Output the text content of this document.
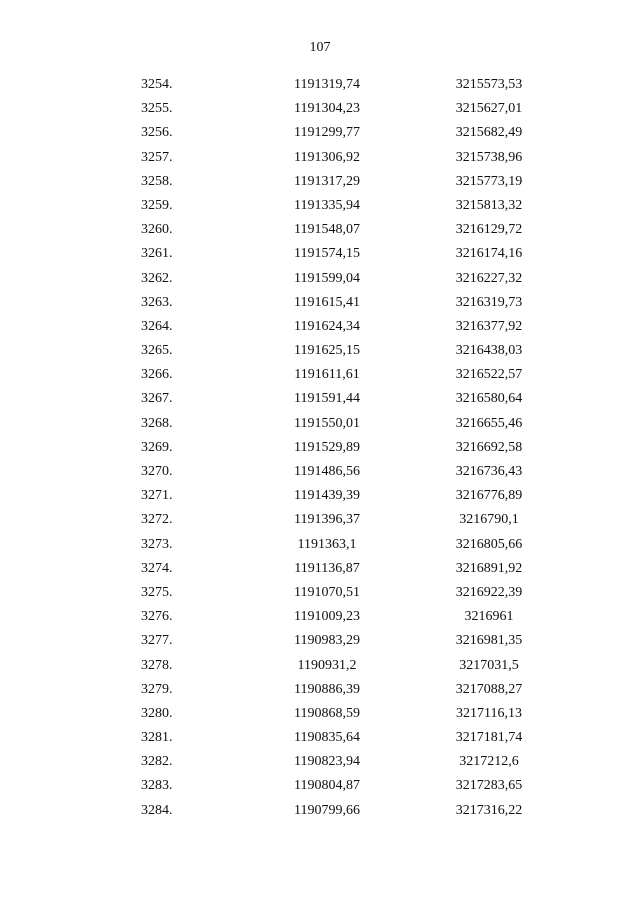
107
3254.	1191319,74	3215573,53
3255.	1191304,23	3215627,01
3256.	1191299,77	3215682,49
3257.	1191306,92	3215738,96
3258.	1191317,29	3215773,19
3259.	1191335,94	3215813,32
3260.	1191548,07	3216129,72
3261.	1191574,15	3216174,16
3262.	1191599,04	3216227,32
3263.	1191615,41	3216319,73
3264.	1191624,34	3216377,92
3265.	1191625,15	3216438,03
3266.	1191611,61	3216522,57
3267.	1191591,44	3216580,64
3268.	1191550,01	3216655,46
3269.	1191529,89	3216692,58
3270.	1191486,56	3216736,43
3271.	1191439,39	3216776,89
3272.	1191396,37	3216790,1
3273.	1191363,1	3216805,66
3274.	1191136,87	3216891,92
3275.	1191070,51	3216922,39
3276.	1191009,23	3216961
3277.	1190983,29	3216981,35
3278.	1190931,2	3217031,5
3279.	1190886,39	3217088,27
3280.	1190868,59	3217116,13
3281.	1190835,64	3217181,74
3282.	1190823,94	3217212,6
3283.	1190804,87	3217283,65
3284.	1190799,66	3217316,22
